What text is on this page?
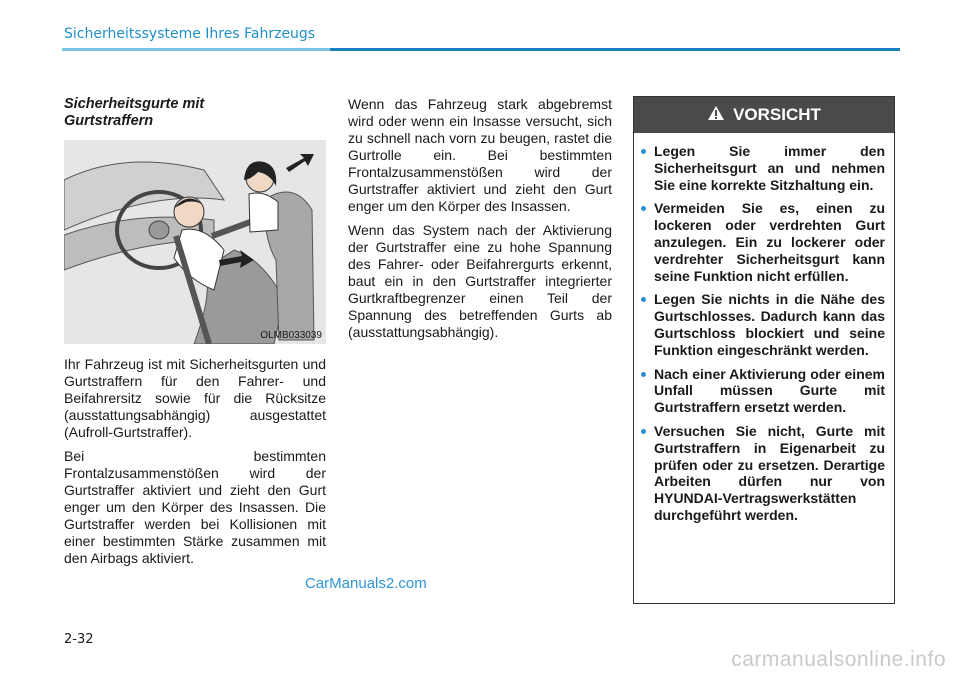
Sicherheitssysteme Ihres Fahrzeugs

Sicherheitsgurte mit
Gurtstraffern

OLMB033039

Ihr Fahrzeug ist mit Sicherheitsgurten und Gurtstraffern für den Fahrer- und Beifahrersitz sowie für die Rücksitze (ausstattungsabhängig) ausgestattet (Aufroll-Gurtstraffer).

Bei bestimmten
Frontalzusammenstößen wird der Gurtstraffer aktiviert und zieht den Gurt enger um den Körper des Insassen. Die Gurtstraffer werden bei Kollisionen mit einer bestimmten Stärke zusammen mit den Airbags aktiviert.

Wenn das Fahrzeug stark abgebremst wird oder wenn ein Insasse versucht, sich zu schnell nach vorn zu beugen, rastet die Gurtrolle ein. Bei bestimmten Frontalzusammenstößen wird der Gurtstraffer aktiviert und zieht den Gurt enger um den Körper des Insassen.

Wenn das System nach der Aktivierung der Gurtstraffer eine zu hohe Spannung des Fahrer- oder Beifahrergurts erkennt, baut ein in den Gurtstraffer integrierter Gurtkraftbegrenzer einen Teil der Spannung des betreffenden Gurts ab (ausstattungsabhängig).

VORSICHT
Legen Sie immer den Sicherheitsgurt an und nehmen Sie eine korrekte Sitzhaltung ein.
Vermeiden Sie es, einen zu lockeren oder verdrehten Gurt anzulegen. Ein zu lockerer oder verdrehter Sicherheitsgurt kann seine Funktion nicht erfüllen.
Legen Sie nichts in die Nähe des Gurtschlosses. Dadurch kann das Gurtschloss blockiert und seine Funktion eingeschränkt werden.
Nach einer Aktivierung oder einem Unfall müssen Gurte mit Gurtstraffern ersetzt werden.
Versuchen Sie nicht, Gurte mit Gurtstraffern in Eigenarbeit zu prüfen oder zu ersetzen. Derartige Arbeiten dürfen nur von HYUNDAI-Vertragswerkstätten durchgeführt werden.
CarManuals2.com
2-32
carmanualsonline.info
